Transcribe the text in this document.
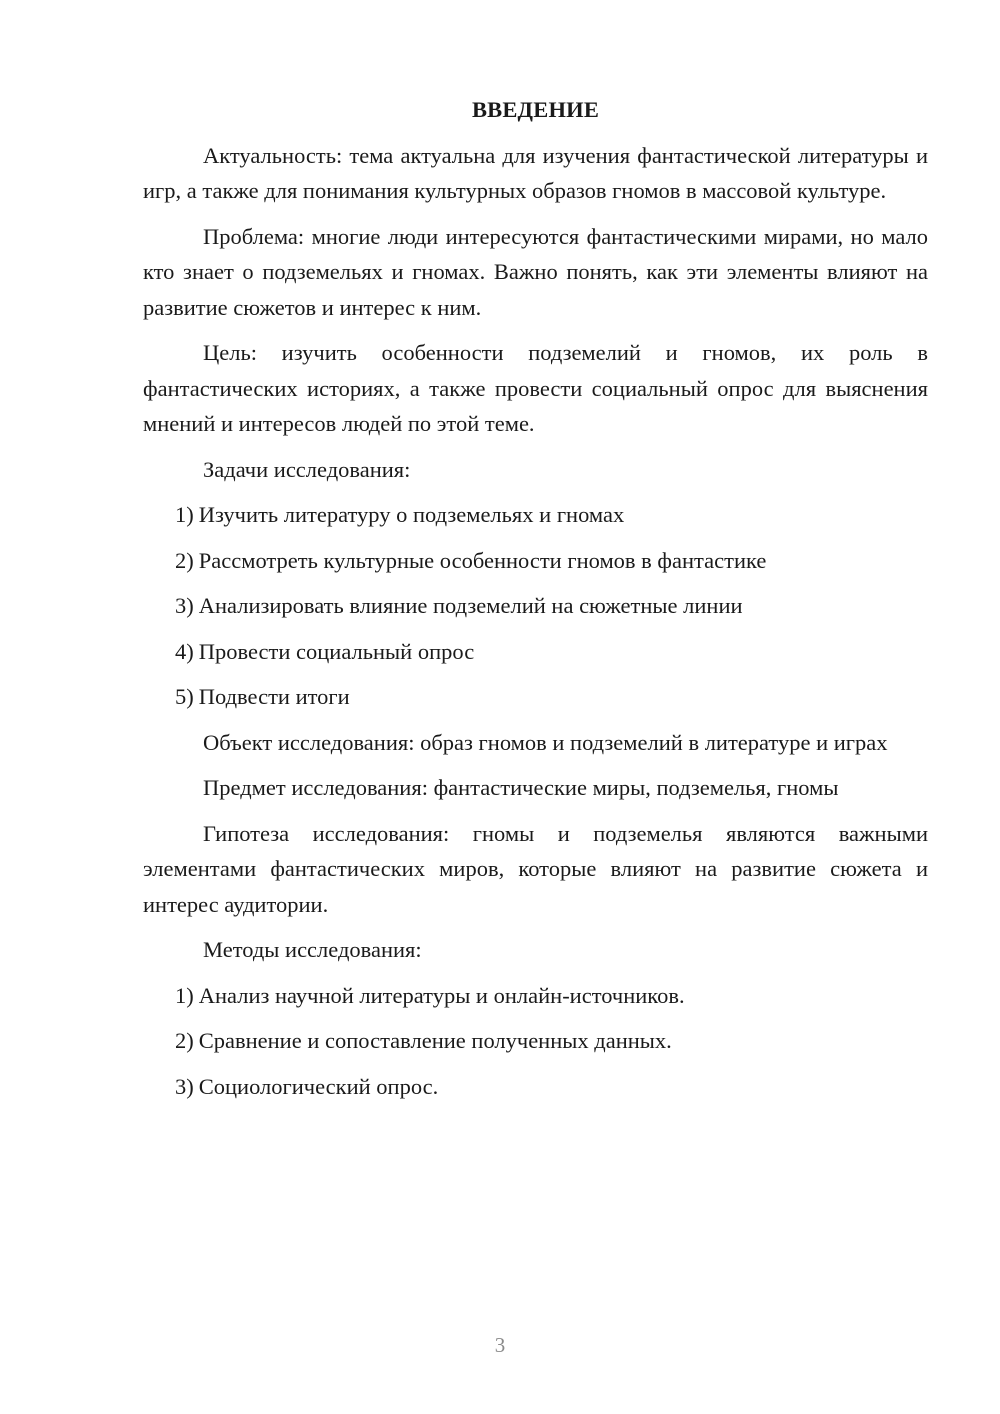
ВВЕДЕНИЕ
Актуальность: тема актуальна для изучения фантастической литературы и игр, а также для понимания культурных образов гномов в массовой культуре.
Проблема: многие люди интересуются фантастическими мирами, но мало кто знает о подземельях и гномах. Важно понять, как эти элементы влияют на развитие сюжетов и интерес к ним.
Цель: изучить особенности подземелий и гномов, их роль в фантастических историях, а также провести социальный опрос для выяснения мнений и интересов людей по этой теме.
Задачи исследования:
1) Изучить литературу о подземельях и гномах
2) Рассмотреть культурные особенности гномов в фантастике
3) Анализировать влияние подземелий на сюжетные линии
4) Провести социальный опрос
5) Подвести итоги
Объект исследования: образ гномов и подземелий в литературе и играх
Предмет исследования: фантастические миры, подземелья, гномы
Гипотеза исследования: гномы и подземелья являются важными элементами фантастических миров, которые влияют на развитие сюжета и интерес аудитории.
Методы исследования:
1) Анализ научной литературы и онлайн-источников.
2) Сравнение и сопоставление полученных данных.
3) Социологический опрос.
3
